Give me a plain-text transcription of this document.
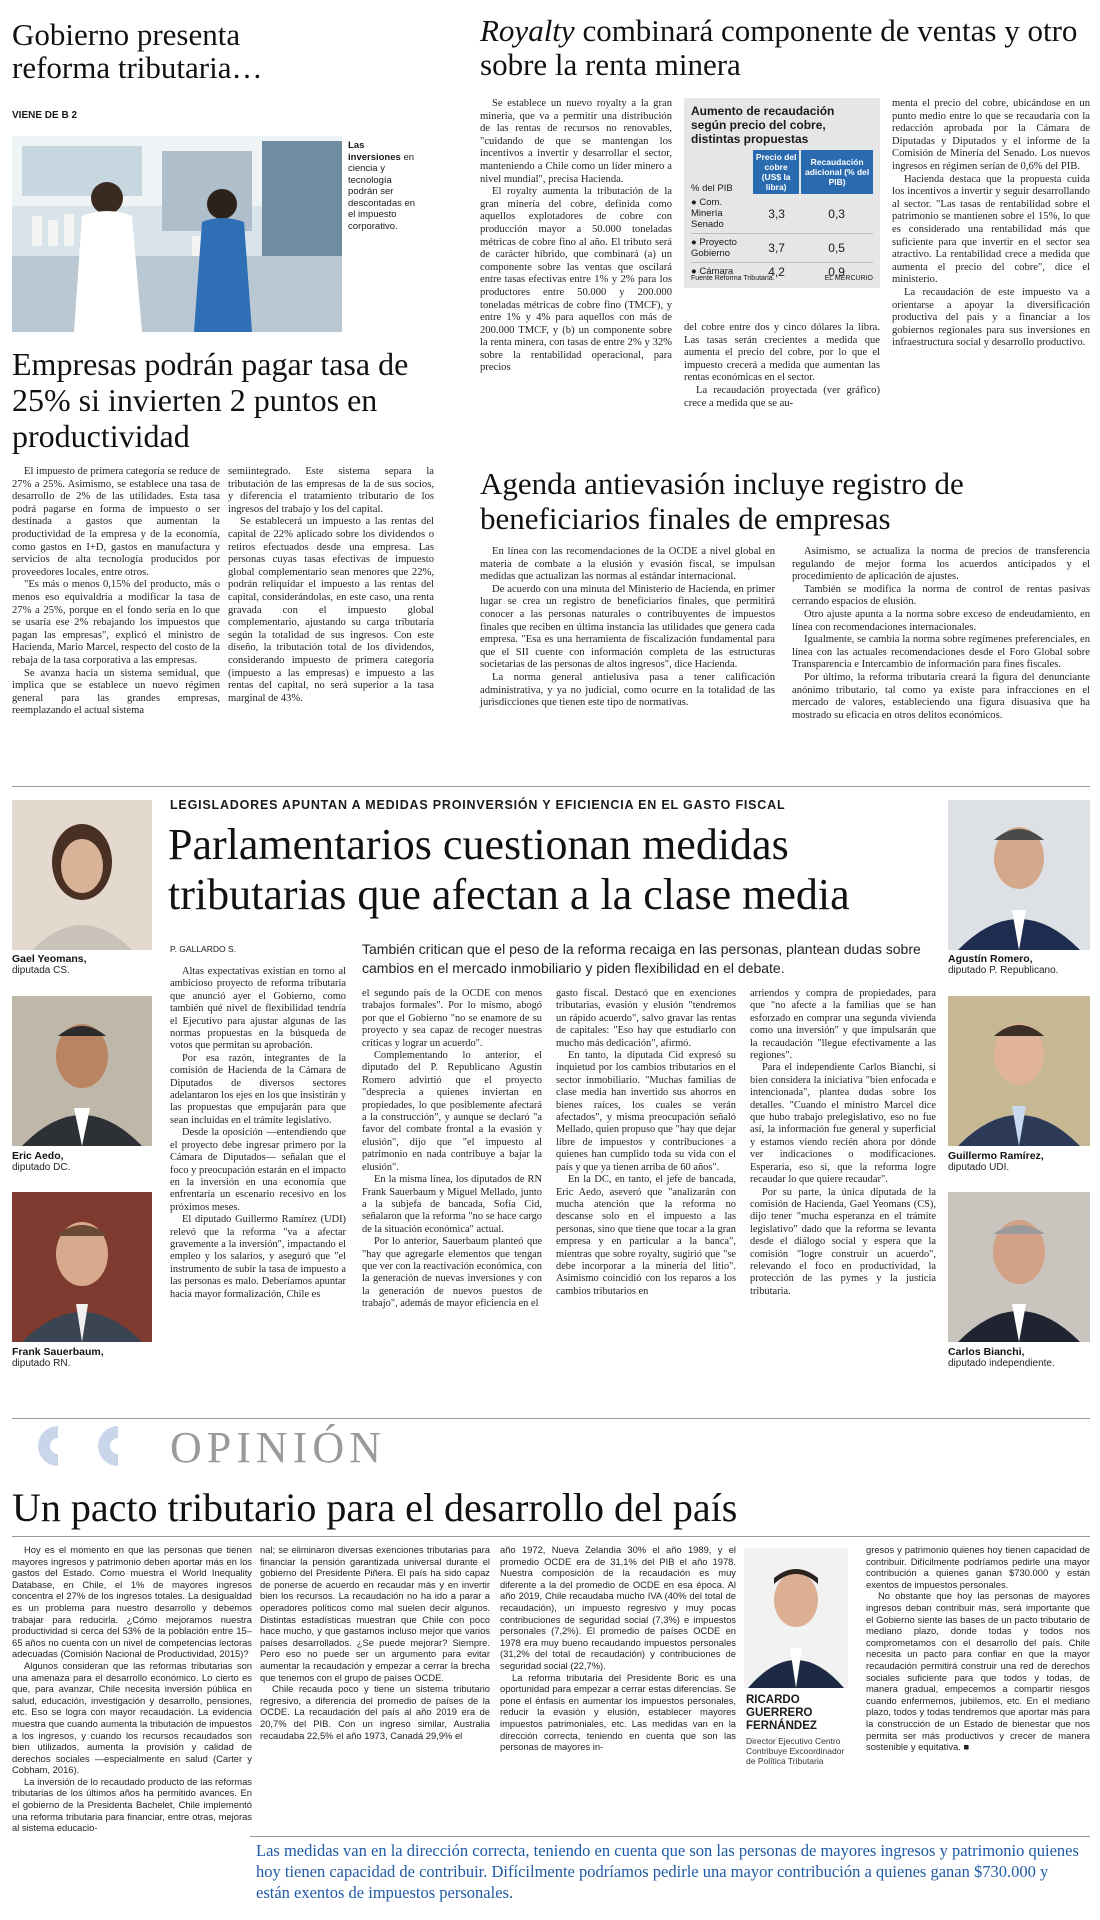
Gobierno presenta reforma tributaria…
VIENE DE B 2
Las inversiones en ciencia y tecnología podrán ser descontadas en el impuesto corporativo.
Empresas podrán pagar tasa de 25% si invierten 2 puntos en productividad

El impuesto de primera categoría se reduce de 27% a 25%. Asimismo, se establece una tasa de desarrollo de 2% de las utilidades. Esta tasa podrá pagarse en forma de impuesto o ser destinada a gastos que aumentan la productividad de la empresa y de la economía, como gastos en I+D, gastos en manufactura y servicios de alta tecnología producidos por proveedores locales, entre otros.

"Es más o menos 0,15% del producto, más o menos eso equivaldría a modificar la tasa de 27% a 25%, porque en el fondo sería en lo que se usaría ese 2% rebajando los impuestos que pagan las empresas", explicó el ministro de Hacienda, Mario Marcel, respecto del costo de la rebaja de la tasa corporativa a las empresas.

Se avanza hacia un sistema semidual, que implica que se establece un nuevo régimen general para las grandes empresas, reemplazando el actual sistema

semiintegrado. Este sistema separa la tributación de las empresas de la de sus socios, y diferencia el tratamiento tributario de los ingresos del trabajo y los del capital.

Se establecerá un impuesto a las rentas del capital de 22% aplicado sobre los dividendos o retiros efectuados desde una empresa. Las personas cuyas tasas efectivas de impuesto global complementario sean menores que 22%, podrán reliquidar el impuesto a las rentas del capital, considerándolas, en este caso, una renta gravada con el impuesto global complementario, ajustando su carga tributaria según la totalidad de sus ingresos. Con este diseño, la tributación total de los dividendos, considerando impuesto de primera categoría (impuesto a las empresas) e impuesto a las rentas del capital, no será superior a la tasa marginal de 43%.

Royalty combinará componente de ventas y otro sobre la renta minera

Se establece un nuevo royalty a la gran minería, que va a permitir una distribución de las rentas de recursos no renovables, "cuidando de que se mantengan los incentivos a invertir y desarrollar el sector, manteniendo a Chile como un líder minero a nivel mundial", precisa Hacienda.

El royalty aumenta la tributación de la gran minería del cobre, definida como aquellos explotadores de cobre con producción mayor a 50.000 toneladas métricas de cobre fino al año. El tributo será de carácter híbrido, que combinará (a) un componente sobre las ventas que oscilará entre tasas efectivas entre 1% y 2% para los productores entre 50.000 y 200.000 toneladas métricas de cobre fino (TMCF), y entre 1% y 4% para aquellos con más de 200.000 TMCF, y (b) un componente sobre la renta minera, con tasas de entre 2% y 32% sobre la rentabilidad operacional, para precios

Aumento de recaudación según precio del cobre, distintas propuestas
% del PIB	Precio del cobre (US$ la libra)	Recaudación adicional (% del PIB)
● Com. Minería Senado	3,3	0,3
● Proyecto Gobierno	3,7	0,5
● Cámara	4,2	0,9
Fuente Reforma Tributaria.	EL MERCURIO

del cobre entre dos y cinco dólares la libra. Las tasas serán crecientes a medida que aumenta el precio del cobre, por lo que el impuesto crecerá a medida que aumentan las rentas económicas en el sector.

La recaudación proyectada (ver gráfico) crece a medida que se au-

menta el precio del cobre, ubicándose en un punto medio entre lo que se recaudaría con la redacción aprobada por la Cámara de Diputadas y Diputados y el informe de la Comisión de Minería del Senado. Los nuevos ingresos en régimen serían de 0,6% del PIB.

Hacienda destaca que la propuesta cuida los incentivos a invertir y seguir desarrollando al sector. "Las tasas de rentabilidad sobre el patrimonio se mantienen sobre el 15%, lo que es considerado una rentabilidad más que suficiente para que invertir en el sector sea atractivo. La rentabilidad crece a medida que aumenta el precio del cobre", dice el ministerio.

La recaudación de este impuesto va a orientarse a apoyar la diversificación productiva del país y a financiar a los gobiernos regionales para sus inversiones en infraestructura social y desarrollo productivo.

Agenda antievasión incluye registro de beneficiarios finales de empresas

En línea con las recomendaciones de la OCDE a nivel global en materia de combate a la elusión y evasión fiscal, se impulsan medidas que actualizan las normas al estándar internacional.

De acuerdo con una minuta del Ministerio de Hacienda, en primer lugar se crea un registro de beneficiarios finales, que permitirá conocer a las personas naturales o contribuyentes de impuestos finales que reciben en última instancia las utilidades que genera cada empresa. "Esa es una herramienta de fiscalización fundamental para que el SII cuente con información completa de las estructuras societarias de las personas de altos ingresos", dice Hacienda.

La norma general antielusiva pasa a tener calificación administrativa, y ya no judicial, como ocurre en la totalidad de las jurisdicciones que tienen este tipo de normativas.

Asimismo, se actualiza la norma de precios de transferencia regulando de mejor forma los acuerdos anticipados y el procedimiento de aplicación de ajustes.

También se modifica la norma de control de rentas pasivas cerrando espacios de elusión.

Otro ajuste apunta a la norma sobre exceso de endeudamiento, en línea con recomendaciones internacionales.

Igualmente, se cambia la norma sobre regímenes preferenciales, en línea con las actuales recomendaciones desde el Foro Global sobre Transparencia e Intercambio de información para fines fiscales.

Por último, la reforma tributaria creará la figura del denunciante anónimo tributario, tal como ya existe para infracciones en el mercado de valores, estableciendo una figura disuasiva que ha mostrado su eficacia en otros delitos económicos.

LEGISLADORES APUNTAN A MEDIDAS PROINVERSIÓN Y EFICIENCIA EN EL GASTO FISCAL
Parlamentarios cuestionan medidas tributarias que afectan a la clase media
P. GALLARDO S.	También critican que el peso de la reforma recaiga en las personas, plantean dudas sobre cambios en el mercado inmobiliario y piden flexibilidad en el debate.
Gael Yeomans,
diputada CS.
Eric Aedo,
diputado DC.
Frank Sauerbaum,
diputado RN.
Agustín Romero,
diputado P. Republicano.
Guillermo Ramírez,
diputado UDI.
Carlos Bianchi,
diputado independiente.

Altas expectativas existían en torno al ambicioso proyecto de reforma tributaria que anunció ayer el Gobierno, como también qué nivel de flexibilidad tendría el Ejecutivo para ajustar algunas de las normas propuestas en la búsqueda de votos que permitan su aprobación.

Por esa razón, integrantes de la comisión de Hacienda de la Cámara de Diputados de diversos sectores adelantaron los ejes en los que insistirán y las propuestas que empujarán para que sean incluidas en el trámite legislativo.

Desde la oposición —entendiendo que el proyecto debe ingresar primero por la Cámara de Diputados— señalan que el foco y preocupación estarán en el impacto en la inversión en una economía que enfrentaría un escenario recesivo en los próximos meses.

El diputado Guillermo Ramírez (UDI) relevó que la reforma "va a afectar gravemente a la inversión", impactando el empleo y los salarios, y aseguró que "el instrumento de subir la tasa de impuesto a las personas es malo. Deberíamos apuntar hacia mayor formalización, Chile es

el segundo país de la OCDE con menos trabajos formales". Por lo mismo, abogó por que el Gobierno "no se enamore de su proyecto y sea capaz de recoger nuestras críticas y lograr un acuerdo".

Complementando lo anterior, el diputado del P. Republicano Agustín Romero advirtió que el proyecto "desprecia a quienes inviertan en propiedades, lo que posiblemente afectará a la construcción", y aunque se declaró "a favor del combate frontal a la evasión y elusión", dijo que "el impuesto al patrimonio en nada contribuye a bajar la elusión".

En la misma línea, los diputados de RN Frank Sauerbaum y Miguel Mellado, junto a la subjefa de bancada, Sofía Cid, señalaron que la reforma "no se hace cargo de la situación económica" actual.

Por lo anterior, Sauerbaum planteó que "hay que agregarle elementos que tengan que ver con la reactivación económica, con la generación de nuevas inversiones y con la generación de nuevos puestos de trabajo", además de mayor eficiencia en el

gasto fiscal. Destacó que en exenciones tributarias, evasión y elusión "tendremos un rápido acuerdo", salvo gravar las rentas de capitales: "Eso hay que estudiarlo con mucho más dedicación", afirmó.

En tanto, la diputada Cid expresó su inquietud por los cambios tributarios en el sector inmobiliario. "Muchas familias de clase media han invertido sus ahorros en bienes raíces, los cuales se verán afectados", y misma preocupación señaló Mellado, quien propuso que "hay que dejar libre de impuestos y contribuciones a quienes han cumplido toda su vida con el país y que ya tienen arriba de 60 años".

En la DC, en tanto, el jefe de bancada, Eric Aedo, aseveró que "analizarán con mucha atención que la reforma no descanse solo en el impuesto a las personas, sino que tiene que tocar a la gran empresa y en particular a la banca", mientras que sobre royalty, sugirió que "se debe incorporar a la minería del litio". Asimismo coincidió con los reparos a los cambios tributarios en

arriendos y compra de propiedades, para que "no afecte a la familias que se han esforzado en comprar una segunda vivienda como una inversión" y que impulsarán que la recaudación "llegue efectivamente a las regiones".

Para el independiente Carlos Bianchi, si bien considera la iniciativa "bien enfocada e intencionada", plantea dudas sobre los detalles. "Cuando el ministro Marcel dice que hubo trabajo prelegislativo, eso no fue así, la información fue general y superficial y estamos viendo recién ahora por dónde ver indicaciones o modificaciones. Esperaría, eso sí, que la reforma logre recaudar lo que quiere recaudar".

Por su parte, la única diputada de la comisión de Hacienda, Gael Yeomans (CS), dijo tener "mucha esperanza en el trámite legislativo" dado que la reforma se levanta desde el diálogo social y espera que la comisión "logre construir un acuerdo", relevando el foco en productividad, la protección de las pymes y la justicia tributaria.

OPINIÓN
Un pacto tributario para el desarrollo del país

Hoy es el momento en que las personas que tienen mayores ingresos y patrimonio deben aportar más en los gastos del Estado. Como muestra el World Inequality Database, en Chile, el 1% de mayores ingresos concentra el 27% de los ingresos totales. La desigualdad es un problema para nuestro desarrollo y debemos trabajar para reducirla. ¿Cómo mejoramos nuestra productividad si cerca del 53% de la población entre 15–65 años no cuenta con un nivel de competencias lectoras adecuadas (Comisión Nacional de Productividad, 2015)?

Algunos consideran que las reformas tributarias son una amenaza para el desarrollo económico. Lo cierto es que, para avanzar, Chile necesita inversión pública en salud, educación, investigación y desarrollo, pensiones, etc. Eso se logra con mayor recaudación. La evidencia muestra que cuando aumenta la tributación de impuestos a los ingresos, y cuando los recursos recaudados son bien utilizados, aumenta la provisión y calidad de derechos sociales —especialmente en salud (Carter y Cobham, 2016).

La inversión de lo recaudado producto de las reformas tributarias de los últimos años ha permitido avances. En el gobierno de la Presidenta Bachelet, Chile implementó una reforma tributaria para financiar, entre otras, mejoras al sistema educacio-

nal; se eliminaron diversas exenciones tributarias para financiar la pensión garantizada universal durante el gobierno del Presidente Piñera. El país ha sido capaz de ponerse de acuerdo en recaudar más y en invertir bien los recursos. La recaudación no ha ido a parar a operadores políticos como mal suelen decir algunos. Distintas estadísticas muestran que Chile con poco hace mucho, y que gastamos incluso mejor que varios países desarrollados. ¿Se puede mejorar? Siempre. Pero eso no puede ser un argumento para evitar aumentar la recaudación y empezar a cerrar la brecha que tenemos con el grupo de países OCDE.

Chile recauda poco y tiene un sistema tributario regresivo, a diferencia del promedio de países de la OCDE. La recaudación del país al año 2019 era de 20,7% del PIB. Con un ingreso similar, Australia recaudaba 22,5% el año 1973, Canadá 29,9% el

año 1972, Nueva Zelandia 30% el año 1989, y el promedio OCDE era de 31,1% del PIB el año 1978. Nuestra composición de la recaudación es muy diferente a la del promedio de OCDE en esa época. Al año 2019, Chile recaudaba mucho IVA (40% del total de recaudación), un impuesto regresivo y muy pocas contribuciones de seguridad social (7,3%) e impuestos personales (7,2%). El promedio de países OCDE en 1978 era muy bueno recaudando impuestos personales (31,2% del total de recaudación) y contribuciones de seguridad social (22,7%).

La reforma tributaria del Presidente Boric es una oportunidad para empezar a cerrar estas diferencias. Se pone el énfasis en aumentar los impuestos personales, reducir la evasión y elusión, establecer mayores impuestos patrimoniales, etc. Las medidas van en la dirección correcta, teniendo en cuenta que son las personas de mayores in-

RICARDO GUERRERO FERNÁNDEZ
Director Ejecutivo Centro Contribuye Excoordinador de Política Tributaria

gresos y patrimonio quienes hoy tienen capacidad de contribuir. Difícilmente podríamos pedirle una mayor contribución a quienes ganan $730.000 y están exentos de impuestos personales.

No obstante que hoy las personas de mayores ingresos deban contribuir más, será importante que el Gobierno siente las bases de un pacto tributario de mediano plazo, donde todas y todos nos comprometamos con el desarrollo del país. Chile necesita un pacto para confiar en que la mayor recaudación permitirá construir una red de derechos sociales suficiente para que todos y todas, de manera gradual, empecemos a compartir riesgos cuando enfermemos, jubilemos, etc. En el mediano plazo, todos y todas tendremos que aportar más para la construcción de un Estado de bienestar que nos permita ser más productivos y crecer de manera sostenible y equitativa. ■

Las medidas van en la dirección correcta, teniendo en cuenta que son las personas de mayores ingresos y patrimonio quienes hoy tienen capacidad de contribuir. Difícilmente podríamos pedirle una mayor contribución a quienes ganan $730.000 y están exentos de impuestos personales.
